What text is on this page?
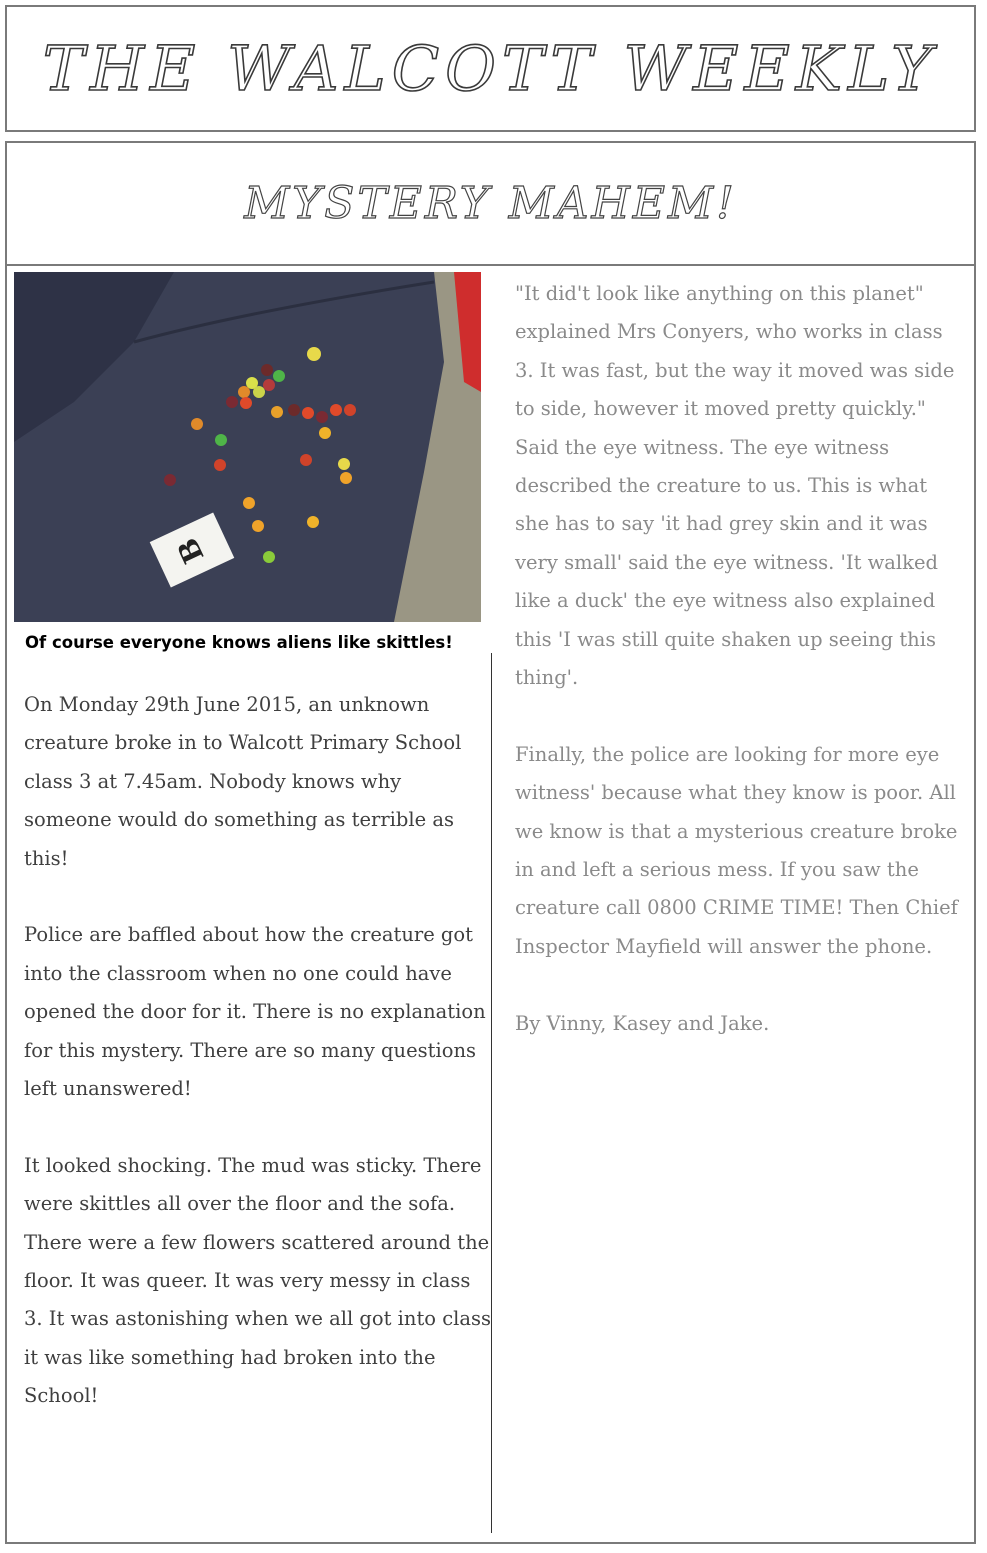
THE WALCOTT WEEKLY
MYSTERY MAHEM!
B

Of course everyone knows aliens like skittles!

On Monday 29th June 2015, an unknown creature broke in to Walcott Primary School class 3 at 7.45am. Nobody knows why someone would do something as terrible as this!

Police are baffled about how the creature got into the classroom when no one could have opened the door for it. There is no explanation for this mystery. There are so many questions left unanswered!

It looked shocking. The mud was sticky. There were skittles all over the floor and the sofa. There were a few flowers scattered around the floor. It was queer. It was very messy in class 3. It was astonishing when we all got into class it was like something had broken into the School!

"It did't look like anything on this planet" explained Mrs Conyers, who works in class 3. It was fast, but the way it moved was side to side, however it moved pretty quickly." Said the eye witness. The eye witness described the creature to us. This is what she has to say 'it had grey skin and it was very small' said the eye witness. 'It walked like a duck' the eye witness also explained this 'I was still quite shaken up seeing this thing'.

Finally, the police are looking for more eye witness' because what they know is poor. All we know is that a mysterious creature broke in and left a serious mess. If you saw the creature call 0800 CRIME TIME! Then Chief Inspector Mayfield will answer the phone.

By Vinny, Kasey and Jake.
